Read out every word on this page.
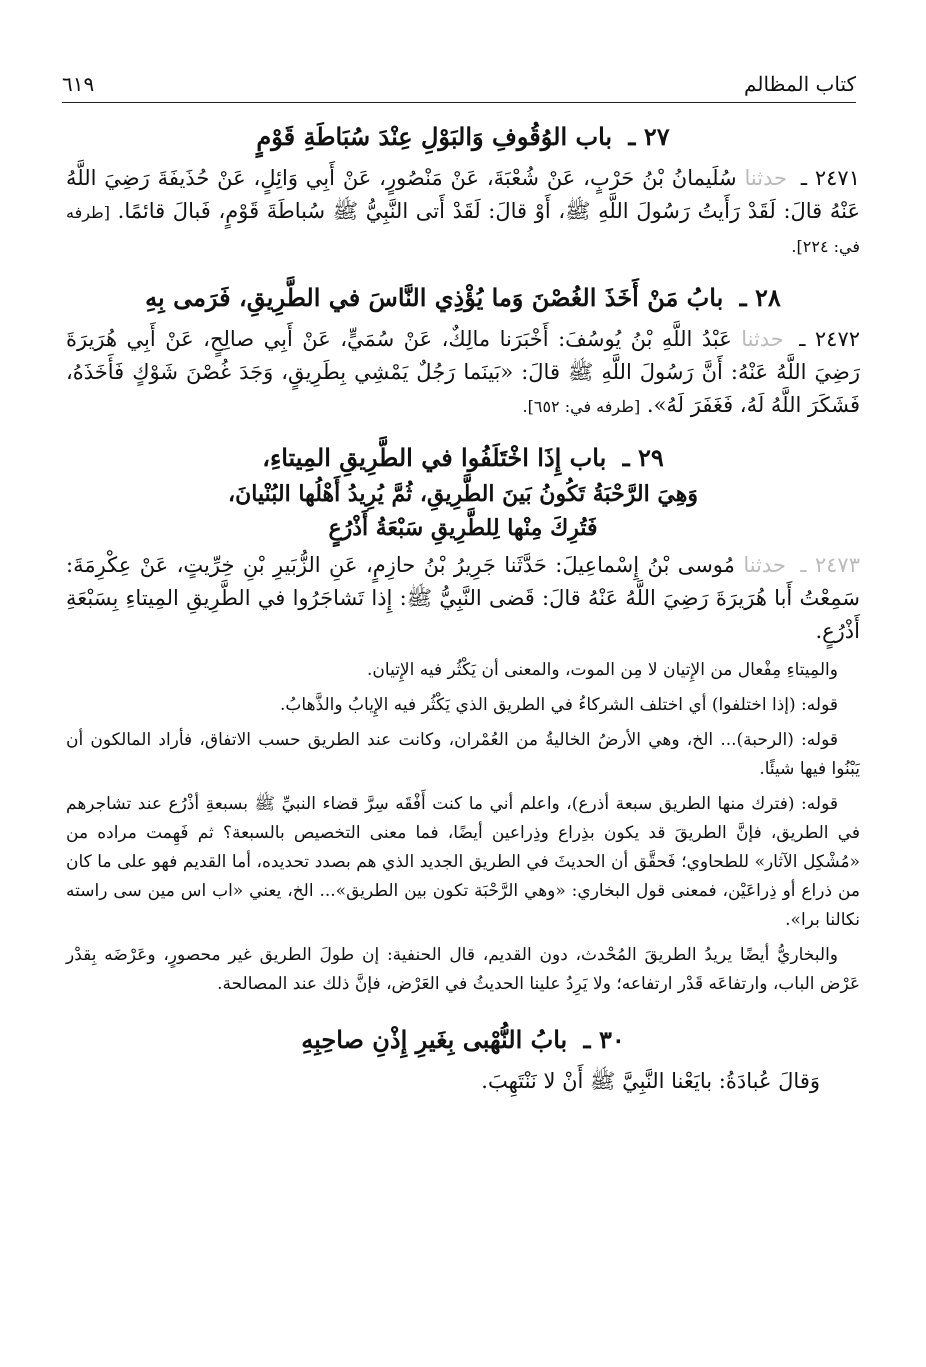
كتاب المظالم
٦١٩
٢٧ ـ باب الوُقُوفِ وَالبَوْلِ عِنْدَ سُبَاطَةِ قَوْمٍ

٢٤٧١ ـ حدثنا سُلَيمانُ بْنُ حَرْبٍ، عَنْ شُعْبَةَ، عَنْ مَنْصُورٍ، عَنْ أَبِي وَائِلٍ، عَنْ حُذَيفَةَ رَضِيَ اللَّهُ عَنْهُ قالَ: لَقَدْ رَأَيتُ رَسُولَ اللَّهِ ﷺ، أَوْ قالَ: لَقَدْ أَتى النَّبِيُّ ﷺ سُباطَةَ قَوْمٍ، فَبالَ قائمًا. [طرفه في: ٢٢٤].

٢٨ ـ بابُ مَنْ أَخَذَ الغُصْنَ وَما يُؤْذِي النَّاسَ في الطَّرِيقِ، فَرَمى بِهِ

٢٤٧٢ ـ حدثنا عَبْدُ اللَّهِ بْنُ يُوسُفَ: أَخْبَرَنا مالِكٌ، عَنْ سُمَيٍّ، عَنْ أَبِي صالِحٍ، عَنْ أَبِي هُرَيرَةَ رَضِيَ اللَّهُ عَنْهُ: أَنَّ رَسُولَ اللَّهِ ﷺ قالَ: «بَينَما رَجُلٌ يَمْشِي بِطَرِيقٍ، وَجَدَ غُصْنَ شَوْكٍ فَأَخَذَهُ، فَشَكَرَ اللَّهُ لَهُ، فَغَفَرَ لَهُ». [طرفه في: ٦٥٢].

٢٩ ـ باب إِذَا اخْتَلَفُوا في الطَّرِيقِ المِيتاءِ،

وَهِيَ الرَّحْبَةُ تَكُونُ بَينَ الطَّرِيقِ، ثُمَّ يُرِيدُ أَهْلُها البُنْيانَ،

فَتُرِكَ مِنْها لِلطَّرِيقِ سَبْعَةُ أَذْرُعٍ

٢٤٧٣ ـ حدثنا مُوسى بْنُ إِسْماعِيلَ: حَدَّثَنا جَرِيرُ بْنُ حازِمٍ، عَنِ الزُّبَيرِ بْنِ خِرِّيتٍ، عَنْ عِكْرِمَةَ: سَمِعْتُ أَبا هُرَيرَةَ رَضِيَ اللَّهُ عَنْهُ قالَ: قَضى النَّبِيُّ ﷺ: إِذا تَشاجَرُوا في الطَّرِيقِ المِيتاءِ بِسَبْعَةِ أَذْرُعٍ.

والمِيتاءِ مِفْعال من الإِتيان لا مِن الموت، والمعنى أن يَكْثُر فيه الإِتيان.

قوله: (إذا اختلفوا) أي اختلف الشركاءُ في الطريق الذي يَكْثُر فيه الإِيابُ والذَّهابُ.

قوله: (الرحبة)... الخ، وهي الأرضُ الخاليةُ من العُمْران، وكانت عند الطريق حسب الاتفاق، فأراد المالكون أن يَبْنُوا فيها شيئًا.

قوله: (فترك منها الطريق سبعة أذرع)، واعلم أني ما كنت أَفْقَه سِرَّ قضاء النبيِّ ﷺ بسبعةِ أذْرُع عند تشاجرهم في الطريق، فإنَّ الطريقَ قد يكون بذِراع وذِراعين أيضًا، فما معنى التخصيص بالسبعة؟ ثم فَهِمت مراده من «مُشْكِل الآثار» للطحاوي؛ فَحقَّق أن الحديثَ في الطريق الجديد الذي هم بصدد تحديده، أما القديم فهو على ما كان من ذراع أو ذِراعَيْن، فمعنى قول البخاري: «وهي الرَّحْبَة تكون بين الطريق»... الخ، يعني «اب اس مين سى راسته نكالنا برا».

والبخاريُّ أيضًا يريدُ الطريقَ المُحْدث، دون القديم، قال الحنفية: إن طولَ الطريق غير محصورٍ، وعَرْضَه بِقدْر عَرْض الباب، وارتفاعَه قَدْر ارتفاعه؛ ولا يَرِدُ علينا الحديثُ في العَرْض، فإنَّ ذلك عند المصالحة.

٣٠ ـ بابُ النُّهْبى بِغَيرِ إِذْنِ صاحِبِهِ

وَقالَ عُبادَةُ: بايَعْنا النَّبِيَّ ﷺ أَنْ لا نَنْتَهِبَ.
